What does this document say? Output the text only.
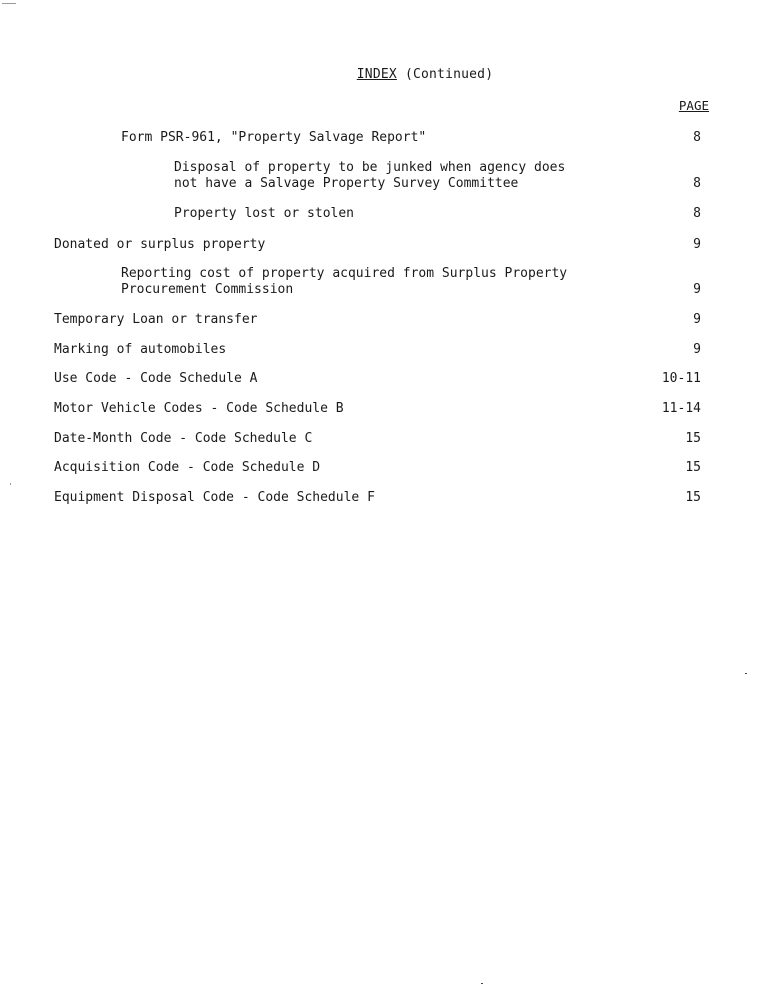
INDEX (Continued)
PAGE
Form PSR-961, "Property Salvage Report"	8
Disposal of property to be junked when agency does
not have a Salvage Property Survey Committee	8
Property lost or stolen	8
Donated or surplus property	9
Reporting cost of property acquired from Surplus Property
Procurement Commission	9
Temporary Loan or transfer	9
Marking of automobiles	9
Use Code - Code Schedule A	10-11
Motor Vehicle Codes - Code Schedule B	11-14
Date-Month Code - Code Schedule C	15
Acquisition Code - Code Schedule D	15
Equipment Disposal Code - Code Schedule F	15
